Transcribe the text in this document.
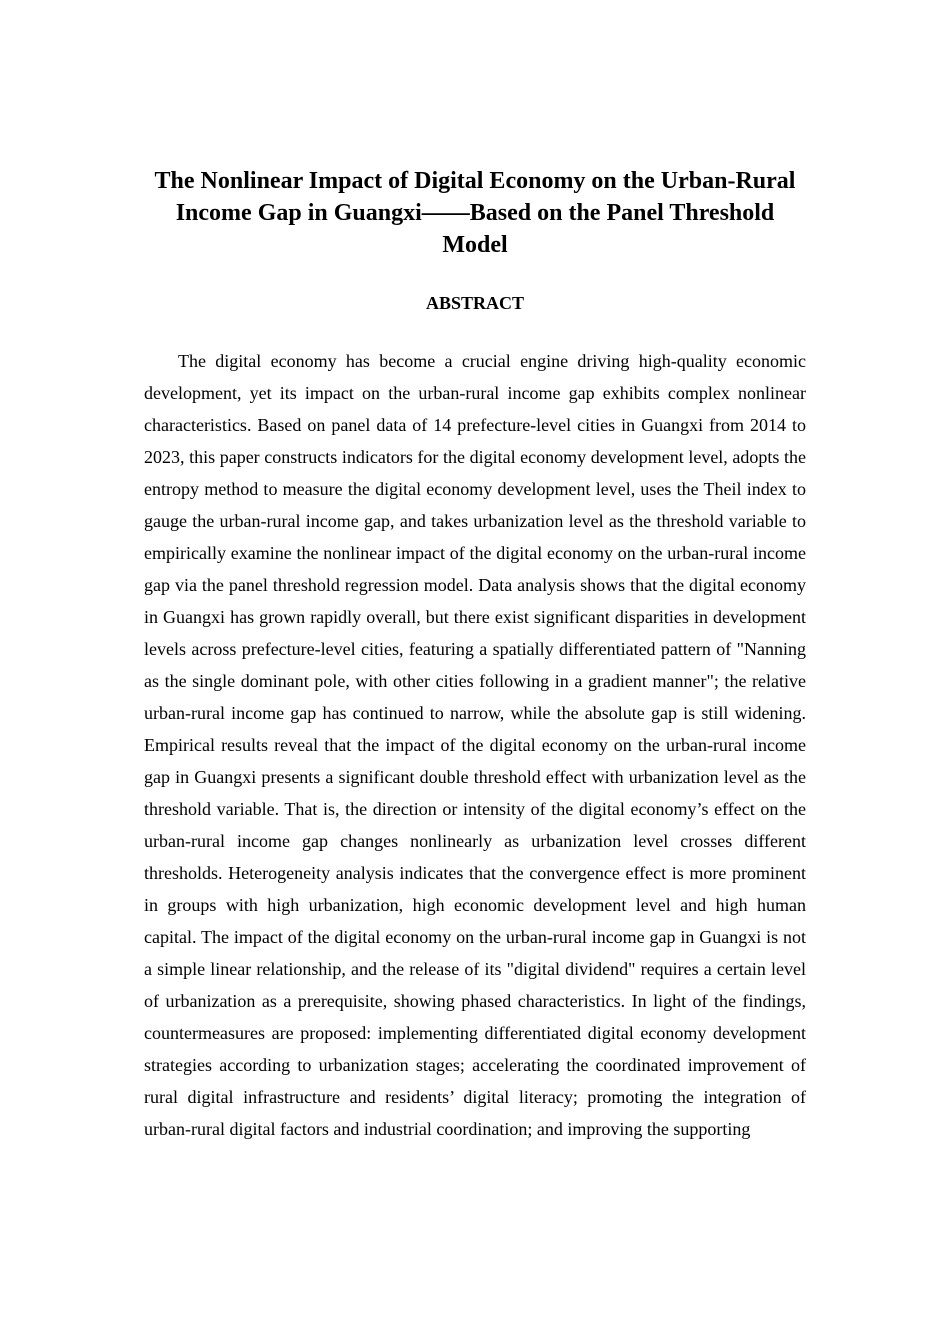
The Nonlinear Impact of Digital Economy on the Urban-Rural Income Gap in Guangxi——Based on the Panel Threshold Model
ABSTRACT

The digital economy has become a crucial engine driving high-quality economic development, yet its impact on the urban-rural income gap exhibits complex nonlinear characteristics. Based on panel data of 14 prefecture-level cities in Guangxi from 2014 to 2023, this paper constructs indicators for the digital economy development level, adopts the entropy method to measure the digital economy development level, uses the Theil index to gauge the urban-rural income gap, and takes urbanization level as the threshold variable to empirically examine the nonlinear impact of the digital economy on the urban-rural income gap via the panel threshold regression model. Data analysis shows that the digital economy in Guangxi has grown rapidly overall, but there exist significant disparities in development levels across prefecture-level cities, featuring a spatially differentiated pattern of "Nanning as the single dominant pole, with other cities following in a gradient manner"; the relative urban-rural income gap has continued to narrow, while the absolute gap is still widening. Empirical results reveal that the impact of the digital economy on the urban-rural income gap in Guangxi presents a significant double threshold effect with urbanization level as the threshold variable. That is, the direction or intensity of the digital economy’s effect on the urban-rural income gap changes nonlinearly as urbanization level crosses different thresholds. Heterogeneity analysis indicates that the convergence effect is more prominent in groups with high urbanization, high economic development level and high human capital. The impact of the digital economy on the urban-rural income gap in Guangxi is not a simple linear relationship, and the release of its "digital dividend" requires a certain level of urbanization as a prerequisite, showing phased characteristics. In light of the findings, countermeasures are proposed: implementing differentiated digital economy development strategies according to urbanization stages; accelerating the coordinated improvement of rural digital infrastructure and residents’ digital literacy; promoting the integration of urban-rural digital factors and industrial coordination; and improving the supporting
